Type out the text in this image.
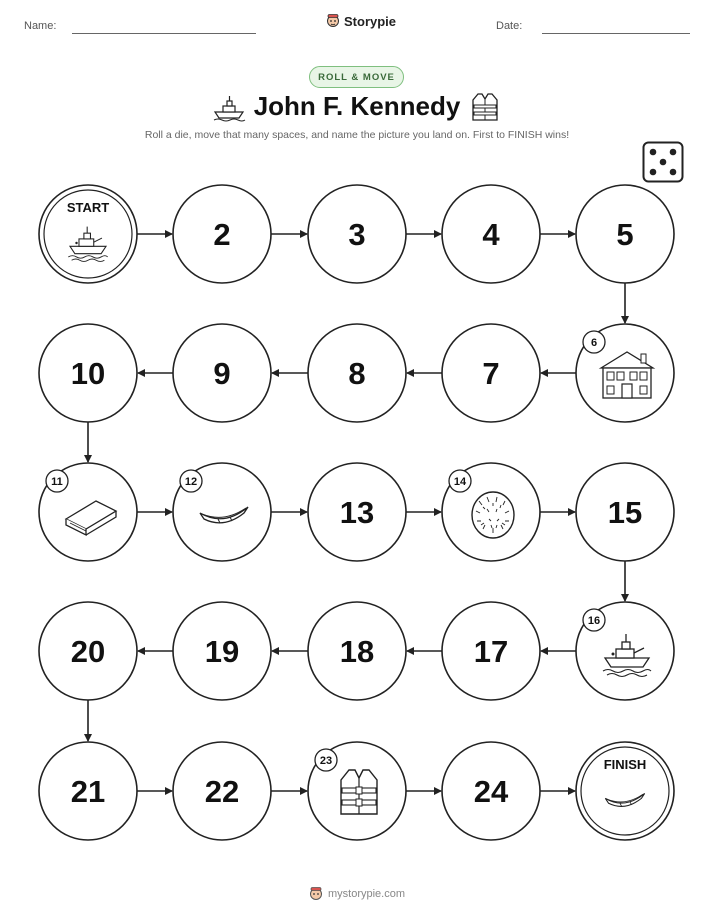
Name:	Storypie	Date:
ROLL & MOVE
John F. Kennedy
Roll a die, move that many spaces, and name the picture you land on. First to FINISH wins!
START
2	3	4	5
6
7
8
9
10
11	12
13
14
15
16
17
18
19
20
21	22
23
24
FINISH
mystorypie.com
